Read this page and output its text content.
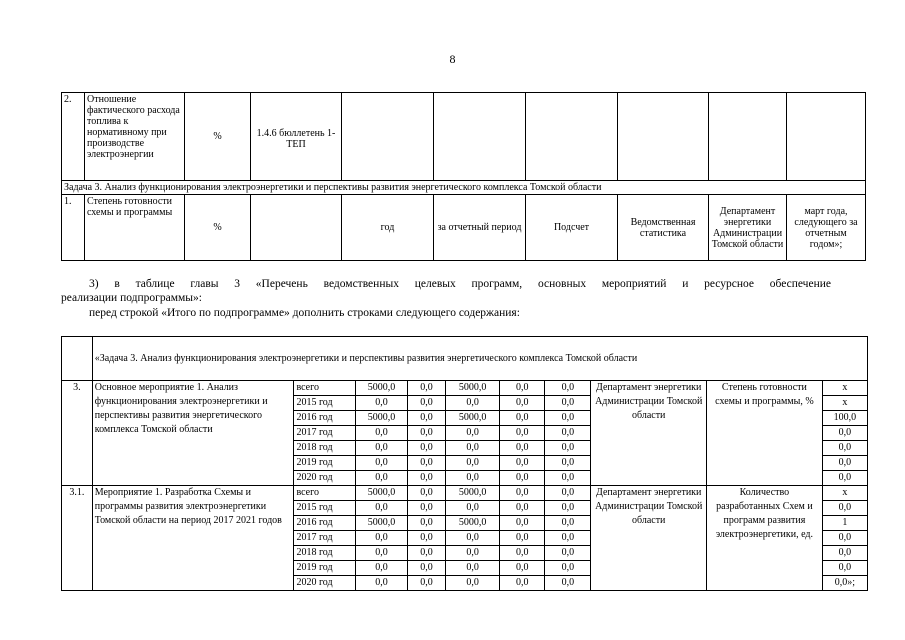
8
2.	Отношение фактического расхода топлива к нормативному при производстве электроэнергии	%	1.4.6 бюллетень 1-ТЕП						
Задача 3. Анализ функционирования электроэнергетики и перспективы развития энергетического комплекса Томской области									
1.	Степень готовности схемы и программы	%		год	за отчетный период	Подсчет	Ведомственная статистика	Департамент энергетики Администрации Томской области	март года, следующего за отчетным годом»;
3) в таблице главы 3 «Перечень ведомственных целевых программ, основных мероприятий и ресурсное обеспечение
реализации подпрограммы»:
перед строкой «Итого по подпрограмме» дополнить строками следующего содержания:
	«Задача 3. Анализ функционирования электроэнергетики и перспективы развития энергетического комплекса Томской области									
3.	Основное мероприятие 1. Анализ функционирования электроэнергетики и перспективы развития энергетического комплекса Томской области	всего	5000,0	0,0	5000,0	0,0	0,0	Департамент энергетики Администрации Томской области	Степень готовности схемы и программы, %	х
		2015 год	0,0	0,0	0,0	0,0	0,0			х
		2016 год	5000,0	0,0	5000,0	0,0	0,0			100,0
		2017 год	0,0	0,0	0,0	0,0	0,0			0,0
		2018 год	0,0	0,0	0,0	0,0	0,0			0,0
		2019 год	0,0	0,0	0,0	0,0	0,0			0,0
		2020 год	0,0	0,0	0,0	0,0	0,0			0,0
3.1.	Мероприятие 1. Разработка Схемы и программы развития электроэнергетики Томской области на период 2017 2021 годов	всего	5000,0	0,0	5000,0	0,0	0,0	Департамент энергетики Администрации Томской области	Количество разработанных Схем и программ развития электроэнергетики, ед.	х
		2015 год	0,0	0,0	0,0	0,0	0,0			0,0
		2016 год	5000,0	0,0	5000,0	0,0	0,0			1
		2017 год	0,0	0,0	0,0	0,0	0,0			0,0
		2018 год	0,0	0,0	0,0	0,0	0,0			0,0
		2019 год	0,0	0,0	0,0	0,0	0,0			0,0
		2020 год	0,0	0,0	0,0	0,0	0,0			0,0»;
